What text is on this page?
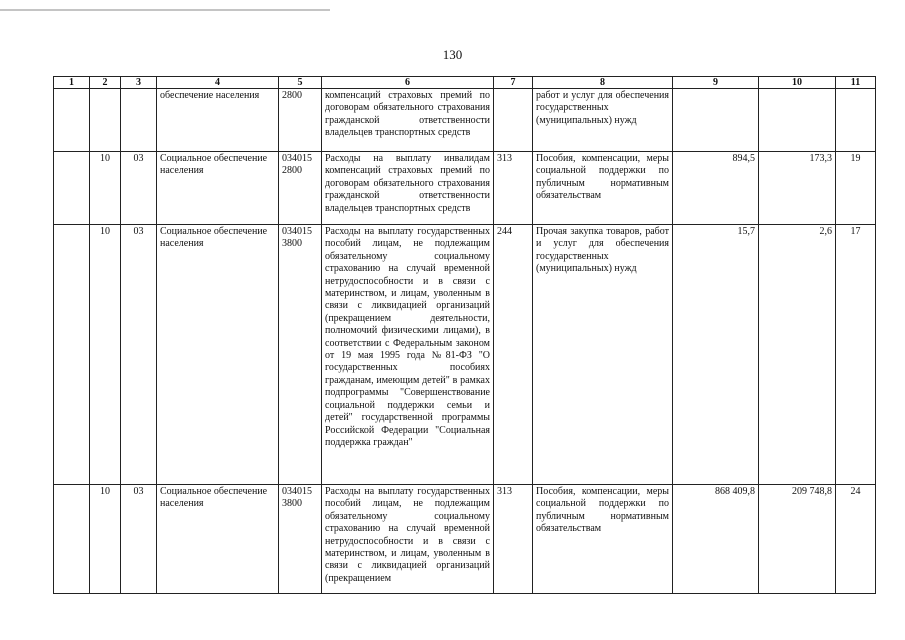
130
1	2	3	4	5	6	7	8	9	10	11
			обеспечение населения	2800	компенсаций страховых премий по договорам обязательного страхования гражданской ответственности владельцев транспортных средств		работ и услуг для обеспечения государственных (муниципальных) нужд			
	10	03	Социальное обеспечение населения	034015 2800	Расходы на выплату инвалидам компенсаций страховых премий по договорам обязательного страхования гражданской ответственности владельцев транспортных средств	313	Пособия, компенсации, меры социальной поддержки по публичным нормативным обязательствам	894,5	173,3	19
	10	03	Социальное обеспечение населения	034015 3800	Расходы на выплату государственных пособий лицам, не подлежащим обязательному социальному страхованию на случай временной нетрудоспособности и в связи с материнством, и лицам, уволенным в связи с ликвидацией организаций (прекращением деятельности, полномочий физическими лицами), в соответствии с Федеральным законом от 19 мая 1995 года №81-ФЗ "О государственных пособиях гражданам, имеющим детей" в рамках подпрограммы "Совершенствование социальной поддержки семьи и детей" государственной программы Российской Федерации "Социальная поддержка граждан"	244	Прочая закупка товаров, работ и услуг для обеспечения государственных (муниципальных) нужд	15,7	2,6	17
	10	03	Социальное обеспечение населения	034015 3800	Расходы на выплату государственных пособий лицам, не подлежащим обязательному социальному страхованию на случай временной нетрудоспособности и в связи с материнством, и лицам, уволенным в связи с ликвидацией организаций (прекращением	313	Пособия, компенсации, меры социальной поддержки по публичным нормативным обязательствам	868 409,8	209 748,8	24
